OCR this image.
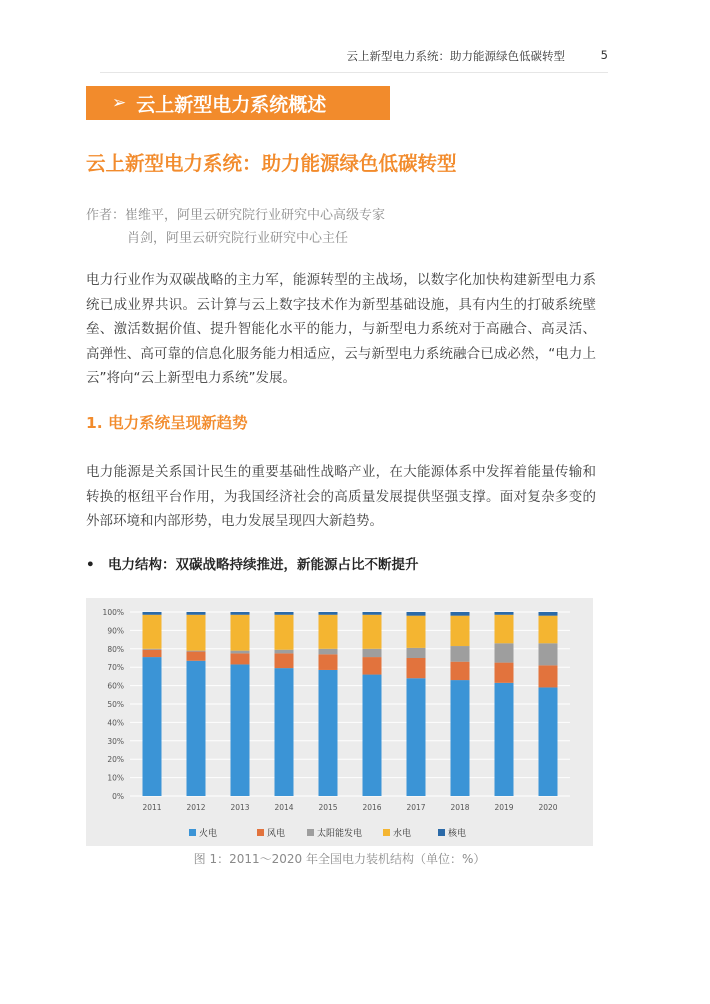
云上新型电力系统：助力能源绿色低碳转型	5
➢ 云上新型电力系统概述
云上新型电力系统：助力能源绿色低碳转型
作者：崔维平，阿里云研究院行业研究中心高级专家
肖剑，阿里云研究院行业研究中心主任
电力行业作为双碳战略的主力军，能源转型的主战场，以数字化加快构建新型电力系统已成业界共识。云计算与云上数字技术作为新型基础设施，具有内生的打破系统壁垒、激活数据价值、提升智能化水平的能力，与新型电力系统对于高融合、高灵活、高弹性、高可靠的信息化服务能力相适应，云与新型电力系统融合已成必然，“电力上云”将向“云上新型电力系统”发展。
1. 电力系统呈现新趋势
电力能源是关系国计民生的重要基础性战略产业，在大能源体系中发挥着能量传输和转换的枢纽平台作用，为我国经济社会的高质量发展提供坚强支撑。面对复杂多变的外部环境和内部形势，电力发展呈现四大新趋势。
• 电力结构：双碳战略持续推进，新能源占比不断提升
0%
10%
20%
30%
40%
50%
60%
70%
80%
90%
100%
2011	2012	2013	2014	2015	2016	2017	2018	2019	2020
火电	风电	太阳能发电	水电	核电
图 1：2011～2020 年全国电力装机结构（单位：%）
